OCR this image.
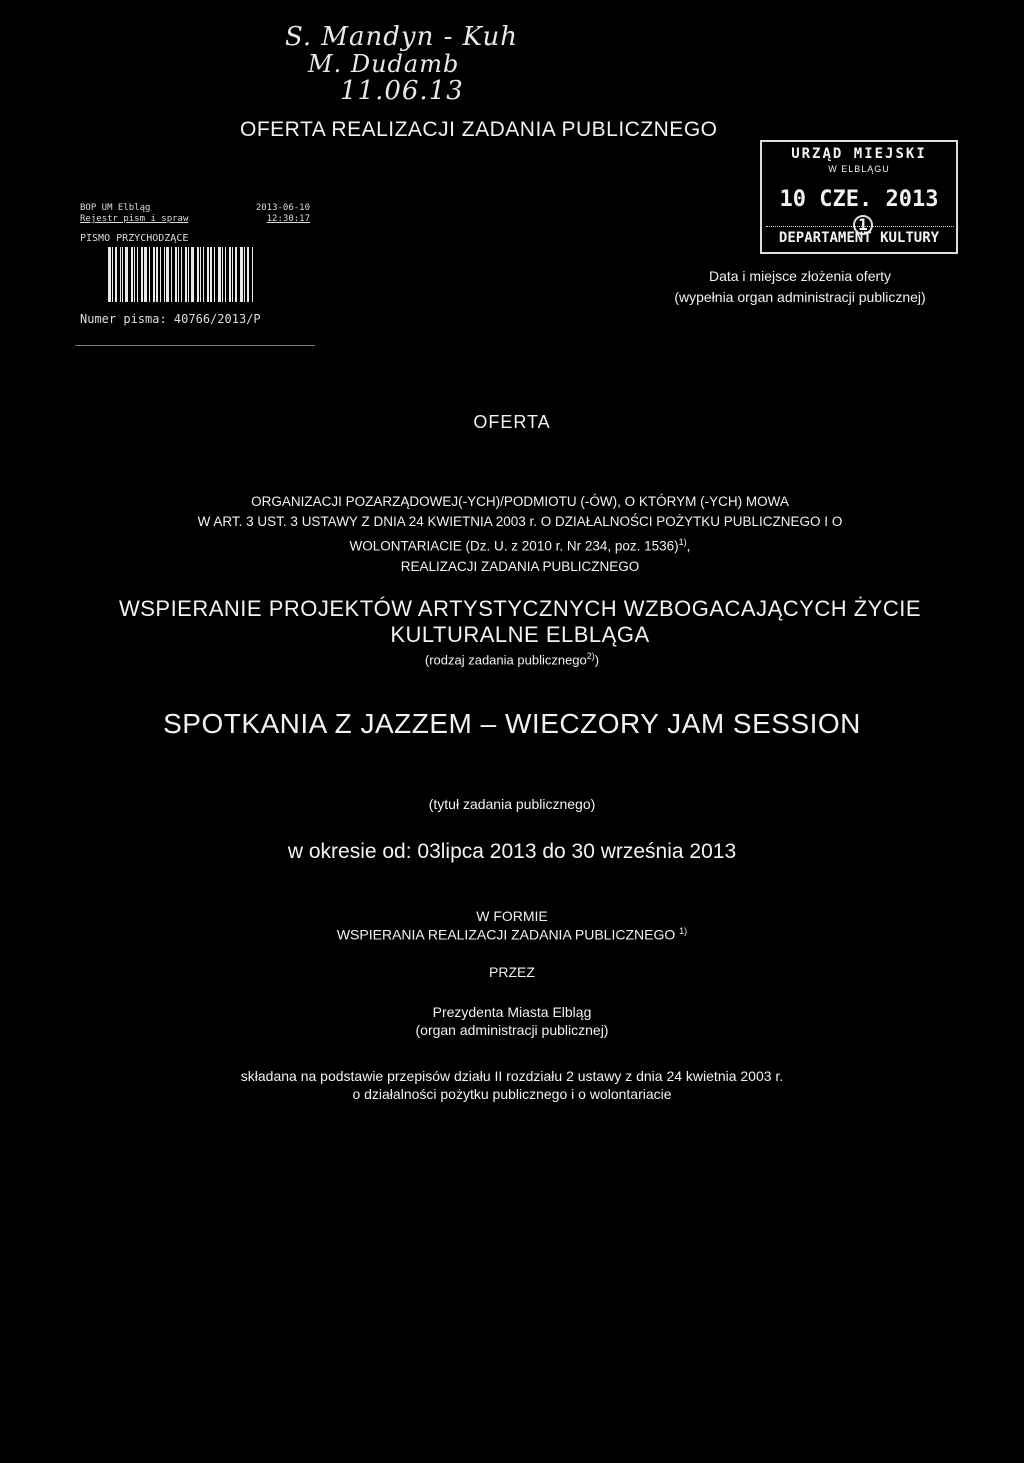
S. Mandyn - Kuh
M. Dudamb
11.06.13
OFERTA REALIZACJI ZADANIA PUBLICZNEGO
BOP UM Elbląg	2013-06-10
Rejestr pism i spraw	12:30:17
PISMO PRZYCHODZĄCE
Numer pisma: 40766/2013/P
URZĄD MIEJSKI
W ELBLĄGU
10 CZE. 2013 1
DEPARTAMENT KULTURY
Data i miejsce złożenia oferty
(wypełnia organ administracji publicznej)
OFERTA
ORGANIZACJI POZARZĄDOWEJ(-YCH)/PODMIOTU (-ÓW), O KTÓRYM (-YCH) MOWA
W ART. 3 UST. 3 USTAWY Z DNIA 24 KWIETNIA 2003 r. O DZIAŁALNOŚCI POŻYTKU PUBLICZNEGO I O
WOLONTARIACIE (Dz. U. z 2010 r. Nr 234, poz. 1536)$^{1)}$,
REALIZACJI ZADANIA PUBLICZNEGO
WSPIERANIE PROJEKTÓW ARTYSTYCZNYCH WZBOGACAJĄCYCH ŻYCIE
KULTURALNE ELBLĄGA
(rodzaj zadania publicznego$^{2)}$)
SPOTKANIA Z JAZZEM – WIECZORY JAM SESSION
(tytuł zadania publicznego)
w okresie od: 03lipca 2013 do 30 września 2013
W FORMIE
WSPIERANIA REALIZACJI ZADANIA PUBLICZNEGO $^{1)}$
PRZEZ
Prezydenta Miasta Elbląg
(organ administracji publicznej)
składana na podstawie przepisów działu II rozdziału 2 ustawy z dnia 24 kwietnia 2003 r.
o działalności pożytku publicznego i o wolontariacie
